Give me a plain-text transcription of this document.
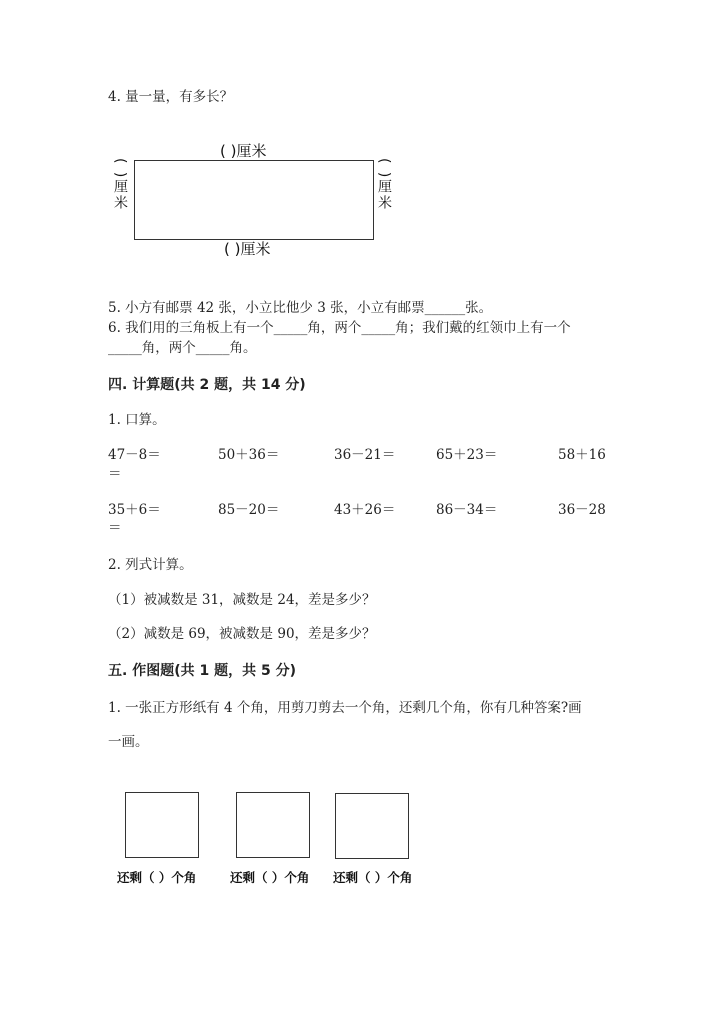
4. 量一量，有多长？
( )厘米
( )厘米	( )厘米
( )厘米
5. 小方有邮票 42 张，小立比他少 3 张，小立有邮票______张。
6. 我们用的三角板上有一个_____角，两个_____角；我们戴的红领巾上有一个
_____角，两个_____角。
四. 计算题(共 2 题，共 14 分)
1. 口算。
47－8＝	50＋36＝	36－21＝	65＋23＝	58＋16
＝
35＋6＝	85－20＝	43＋26＝	86－34＝	36－28
＝
2. 列式计算。
（1）被减数是 31，减数是 24，差是多少？
（2）减数是 69，被减数是 90，差是多少？
五. 作图题(共 1 题，共 5 分)
1. 一张正方形纸有 4 个角，用剪刀剪去一个角，还剩几个角，你有几种答案?画
一画。
还剩（ ）个角	还剩（ ）个角 还剩（ ）个角
